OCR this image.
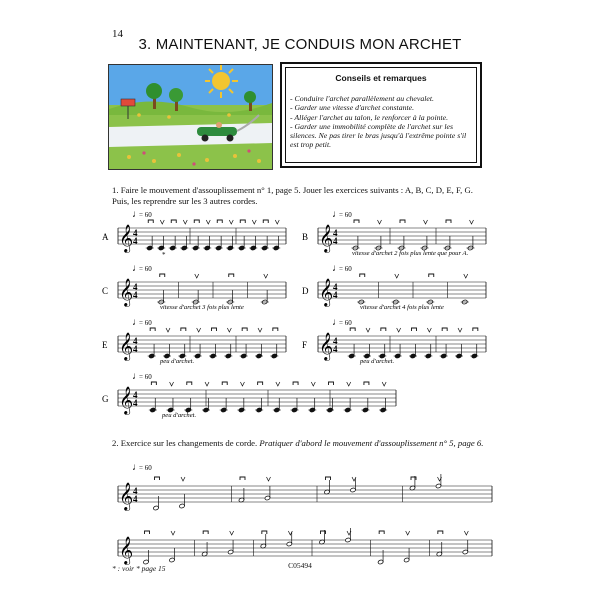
14
3. MAINTENANT, JE CONDUIS MON ARCHET
Conseils et remarques
- Conduire l'archet parallèlement au chevalet.
- Garder une vitesse d'archet constante.
- Alléger l'archet au talon, le renforcer à la pointe.
- Garder une immobilité complète de l'archet sur les silences. Ne pas tirer le bras jusqu'à l'extrême pointe s'il est trop petit.
1. Faire le mouvement d'assouplissement n° 1, page 5. Jouer les exercices suivants : A, B, C, D, E, F, G. Puis, les reprendre sur les 3 autres cordes.
A
♩
= 60
𝄞 4
4
*
B
♩
= 60
𝄞 4
4
vitesse d'archet 2 fois plus lente que pour A.
C
♩
= 60
𝄞 4
4
vitesse d'archet 3 fois plus lente
D
♩
= 60
𝄞 4
4
vitesse d'archet 4 fois plus lente
E
♩
= 60
𝄞 4
4
peu d'archet.
F
♩
= 60
𝄞 4
4
peu d'archet.
G
♩
= 60
𝄞 4
4
peu d'archet.
2. Exercice sur les changements de corde. Pratiquer d'abord le mouvement d'assouplissement n° 5, page 6.
♩
= 60
𝄞 4
4
𝄞
* : voir * page 15	C05494
